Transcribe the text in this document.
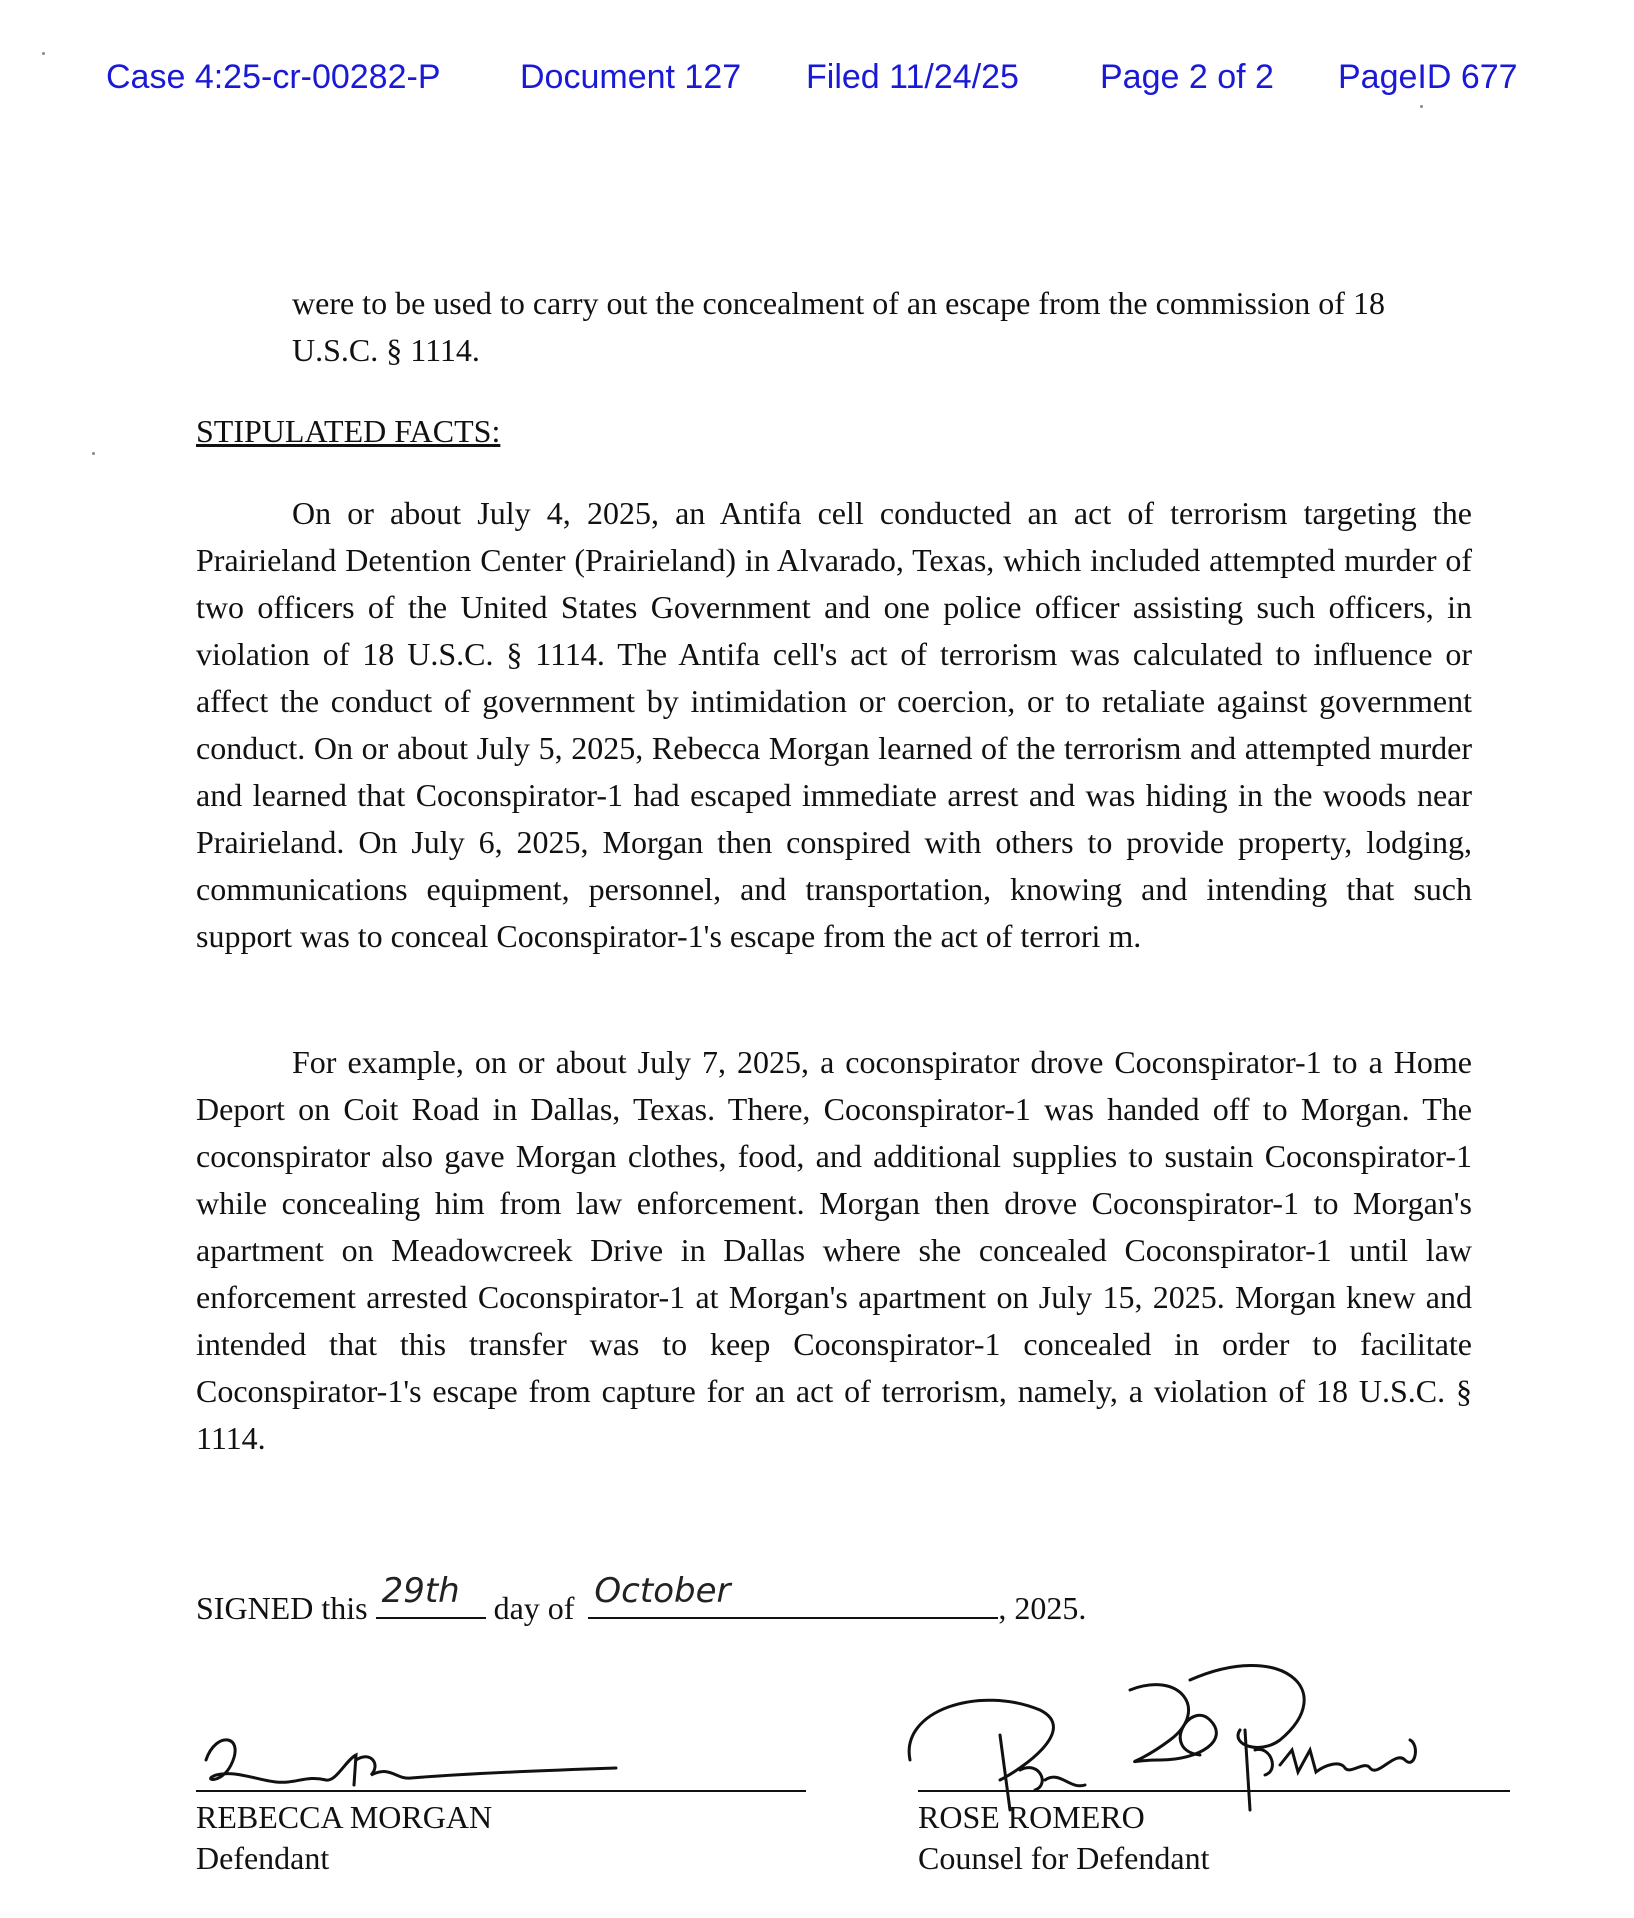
Case 4:25-cr-00282-P Document 127 Filed 11/24/25 Page 2 of 2 PageID 677
were to be used to carry out the concealment of an escape from the commission of 18 U.S.C. § 1114.
STIPULATED FACTS:
On or about July 4, 2025, an Antifa cell conducted an act of terrorism targeting the Prairieland Detention Center (Prairieland) in Alvarado, Texas, which included attempted murder of two officers of the United States Government and one police officer assisting such officers, in violation of 18 U.S.C. § 1114. The Antifa cell's act of terrorism was calculated to influence or affect the conduct of government by intimidation or coercion, or to retaliate against government conduct. On or about July 5, 2025, Rebecca Morgan learned of the terrorism and attempted murder and learned that Coconspirator-1 had escaped immediate arrest and was hiding in the woods near Prairieland. On July 6, 2025, Morgan then conspired with others to provide property, lodging, communications equipment, personnel, and transportation, knowing and intending that such support was to conceal Coconspirator-1's escape from the act of terrori m.
For example, on or about July 7, 2025, a coconspirator drove Coconspirator-1 to a Home Deport on Coit Road in Dallas, Texas. There, Coconspirator-1 was handed off to Morgan. The coconspirator also gave Morgan clothes, food, and additional supplies to sustain Coconspirator-1 while concealing him from law enforcement. Morgan then drove Coconspirator-1 to Morgan's apartment on Meadowcreek Drive in Dallas where she concealed Coconspirator-1 until law enforcement arrested Coconspirator-1 at Morgan's apartment on July 15, 2025. Morgan knew and intended that this transfer was to keep Coconspirator-1 concealed in order to facilitate Coconspirator-1's escape from capture for an act of terrorism, namely, a violation of 18 U.S.C. § 1114.
SIGNED this 29th day of October	, 2025.
REBECCA MORGAN
Defendant
ROSE ROMERO
Counsel for Defendant
